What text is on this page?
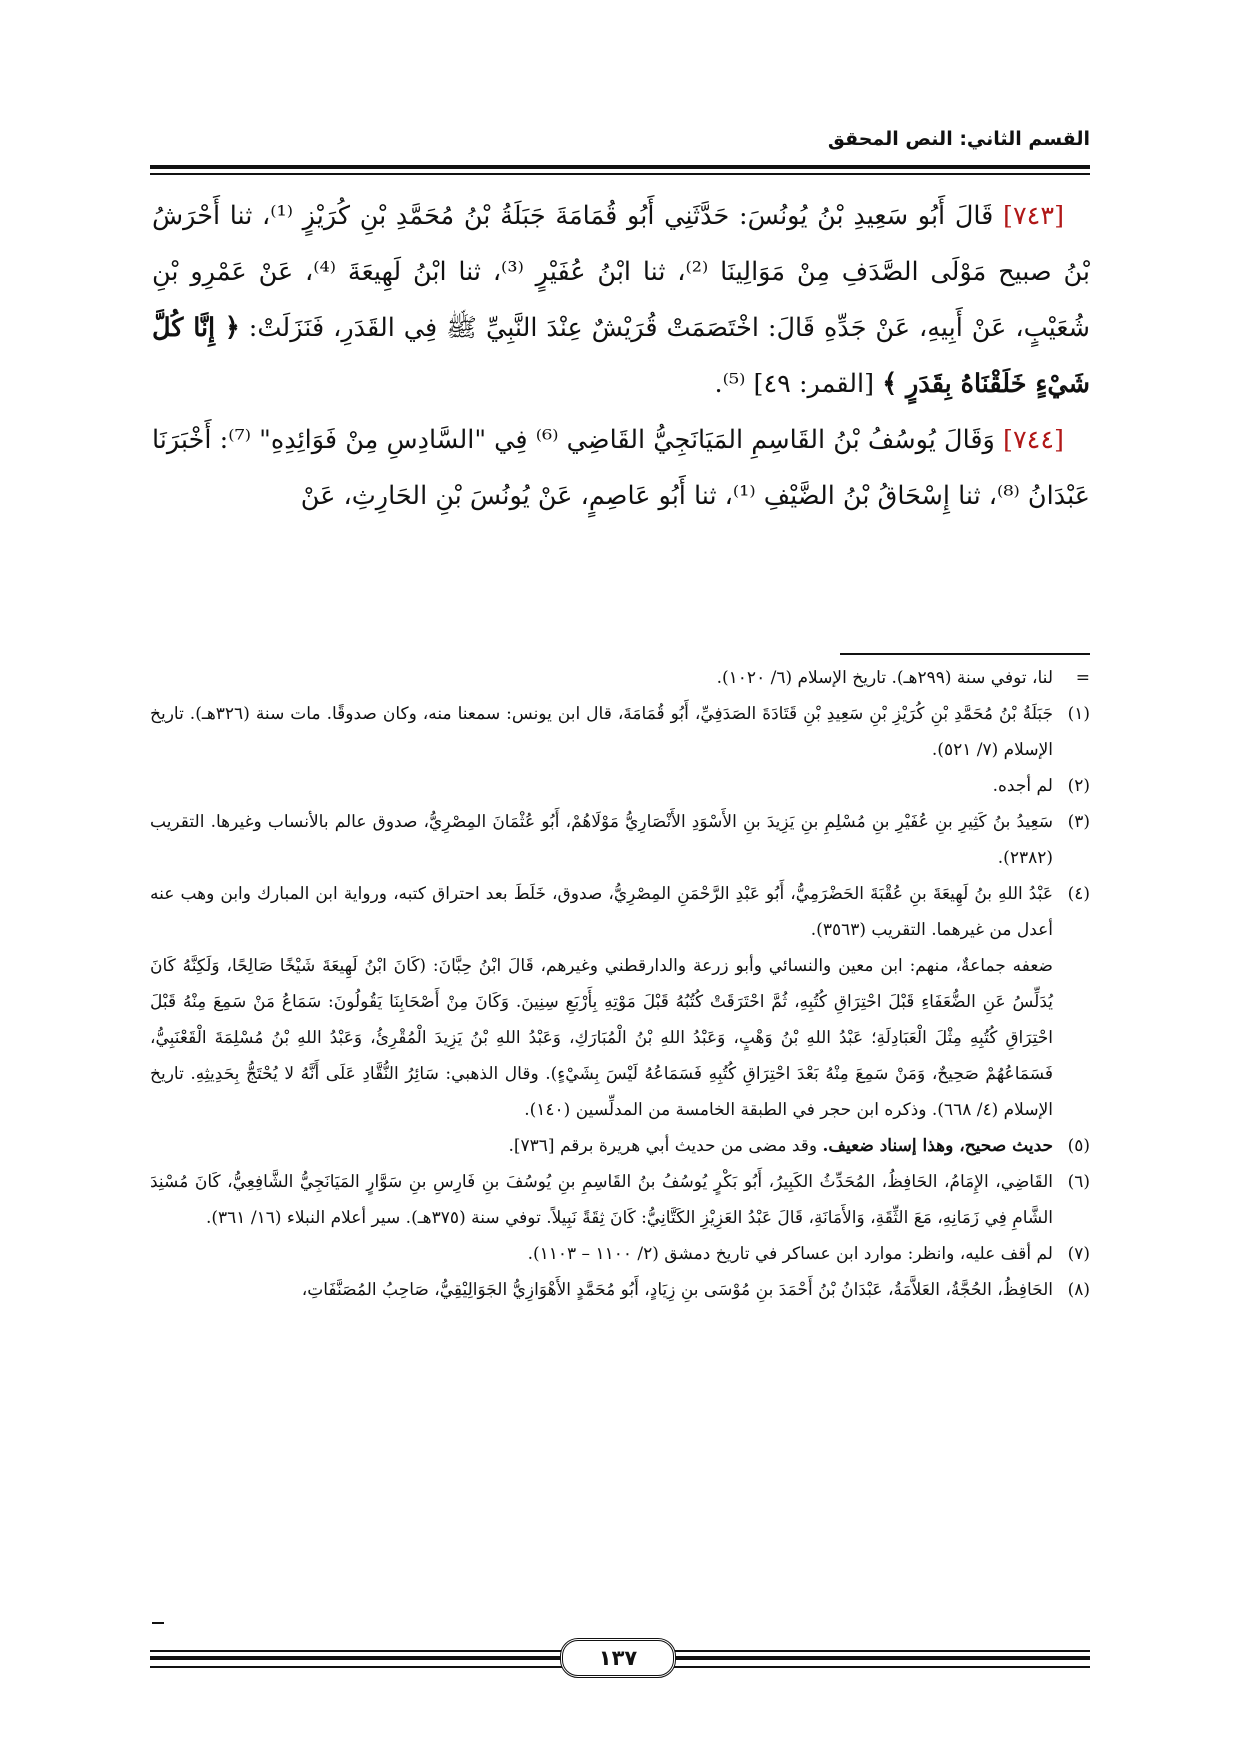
القسم الثاني: النص المحقق

[٧٤٣] قَالَ أَبُو سَعِيدِ بْنُ يُونُسَ: حَدَّثَنِي أَبُو قُمَامَةَ جَبَلَةُ بْنُ مُحَمَّدِ بْنِ كُرَيْزٍ ⁽¹⁾، ثنا أَحْرَشُ بْنُ صبيح مَوْلَى الصَّدَفِ مِنْ مَوَالِينَا ⁽²⁾، ثنا ابْنُ عُفَيْرٍ ⁽³⁾، ثنا ابْنُ لَهِيعَةَ ⁽⁴⁾، عَنْ عَمْرِو بْنِ شُعَيْبٍ، عَنْ أَبِيهِ، عَنْ جَدِّهِ قَالَ: اخْتَصَمَتْ قُرَيْشٌ عِنْدَ النَّبِيِّ ﷺ فِي القَدَرِ، فَنَزَلَتْ: ﴿ إِنَّا كُلَّ شَيْءٍ خَلَقْنَاهُ بِقَدَرٍ ﴾ [القمر: ٤٩] ⁽⁵⁾.

[٧٤٤] وَقَالَ يُوسُفُ بْنُ القَاسِمِ المَيَانَجِيُّ القَاضِي ⁽⁶⁾ فِي "السَّادِسِ مِنْ فَوَائِدِهِ" ⁽⁷⁾: أَخْبَرَنَا عَبْدَانُ ⁽⁸⁾، ثنا إِسْحَاقُ بْنُ الضَّيْفِ ⁽¹⁾، ثنا أَبُو عَاصِمٍ، عَنْ يُونُسَ بْنِ الحَارِثِ، عَنْ

=لنا، توفي سنة (٢٩٩هـ). تاريخ الإسلام (٦/ ١٠٢٠).

(١)جَبَلَةُ بْنُ مُحَمَّدِ بْنِ كُرَيْزِ بْنِ سَعِيدِ بْنِ قَتَادَةَ الصَدَفِيِّ، أَبُو قُمَامَةَ، قال ابن يونس: سمعنا منه، وكان صدوقًا. مات سنة (٣٢٦هـ). تاريخ الإسلام (٧/ ٥٢١).

(٢)لم أجده.

(٣)سَعِيدُ بنُ كَثِيرِ بنِ عُفَيْرِ بنِ مُسْلِمِ بنِ يَزِيدَ بنِ الأَسْوَدِ الأَنْصَارِيُّ مَوْلَاهُمْ، أَبُو عُثْمَانَ المِصْرِيُّ، صدوق عالم بالأنساب وغيرها. التقريب (٢٣٨٢).

(٤)عَبْدُ اللهِ بنُ لَهِيعَةَ بنِ عُقْبَةَ الحَضْرَمِيُّ، أَبُو عَبْدِ الرَّحْمَنِ المِصْرِيُّ، صدوق، خَلَطَ بعد احتراق كتبه، ورواية ابن المبارك وابن وهب عنه أعدل من غيرهما. التقريب (٣٥٦٣).

ضعفه جماعةٌ، منهم: ابن معين والنسائي وأبو زرعة والدارقطني وغيرهم، قَالَ ابْنُ حِبَّانَ: (كَانَ ابْنُ لَهِيعَةَ شَيْخًا صَالِحًا، وَلَكِنَّهُ كَانَ يُدَلِّسُ عَنِ الضُّعَفَاءِ قَبْلَ احْتِرَاقِ كُتُبِهِ، ثُمَّ احْتَرَقَتْ كُتُبُهُ قَبْلَ مَوْتِهِ بِأَرْبَعِ سِنِينَ. وَكَانَ مِنْ أَصْحَابِنَا يَقُولُونَ: سَمَاعُ مَنْ سَمِعَ مِنْهُ قَبْلَ احْتِرَاقِ كُتُبِهِ مِثْلَ الْعَبَادِلَةِ؛ عَبْدُ اللهِ بْنُ وَهْبٍ، وَعَبْدُ اللهِ بْنُ الْمُبَارَكِ، وَعَبْدُ اللهِ بْنُ يَزِيدَ الْمُقْرِئُ، وَعَبْدُ اللهِ بْنُ مُسْلِمَةَ الْقَعْنَبِيُّ، فَسَمَاعُهُمْ صَحِيحٌ، وَمَنْ سَمِعَ مِنْهُ بَعْدَ احْتِرَاقِ كُتُبِهِ فَسَمَاعُهُ لَيْسَ بِشَيْءٍ). وقال الذهبي: سَائِرُ النُّقَّادِ عَلَى أَنَّهُ لا يُحْتَجُّ بِحَدِيثِهِ. تاريخ الإسلام (٤/ ٦٦٨). وذكره ابن حجر في الطبقة الخامسة من المدلِّسين (١٤٠).

(٥)حديث صحيح، وهذا إسناد ضعيف. وقد مضى من حديث أبي هريرة برقم [٧٣٦].

(٦)القَاضِي، الإِمَامُ، الحَافِظُ، المُحَدِّثُ الكَبِيرُ، أَبُو بَكْرٍ يُوسُفُ بنُ القَاسِمِ بنِ يُوسُفَ بنِ فَارِسِ بنِ سَوَّارٍ المَيَانَجِيُّ الشَّافِعِيُّ، كَانَ مُسْنِدَ الشَّامِ فِي زَمَانِهِ، مَعَ الثِّقَةِ، وَالأَمَانَةِ، قَالَ عَبْدُ العَزِيْزِ الكَتَّانِيُّ: كَانَ ثِقَةً نَبِيلاً. توفي سنة (٣٧٥هـ). سير أعلام النبلاء (١٦/ ٣٦١).

(٧)لم أقف عليه، وانظر: موارد ابن عساكر في تاريخ دمشق (٢/ ١١٠٠ – ١١٠٣).

(٨)الحَافِظُ، الحُجَّةُ، العَلاَّمَةُ، عَبْدَانُ بْنُ أَحْمَدَ بنِ مُوْسَى بنِ زِيَادٍ، أَبُو مُحَمَّدٍ الأَهْوَازِيُّ الجَوَالِيْقِيُّ، صَاحِبُ المُصَنَّفَاتِ،

١٣٧
